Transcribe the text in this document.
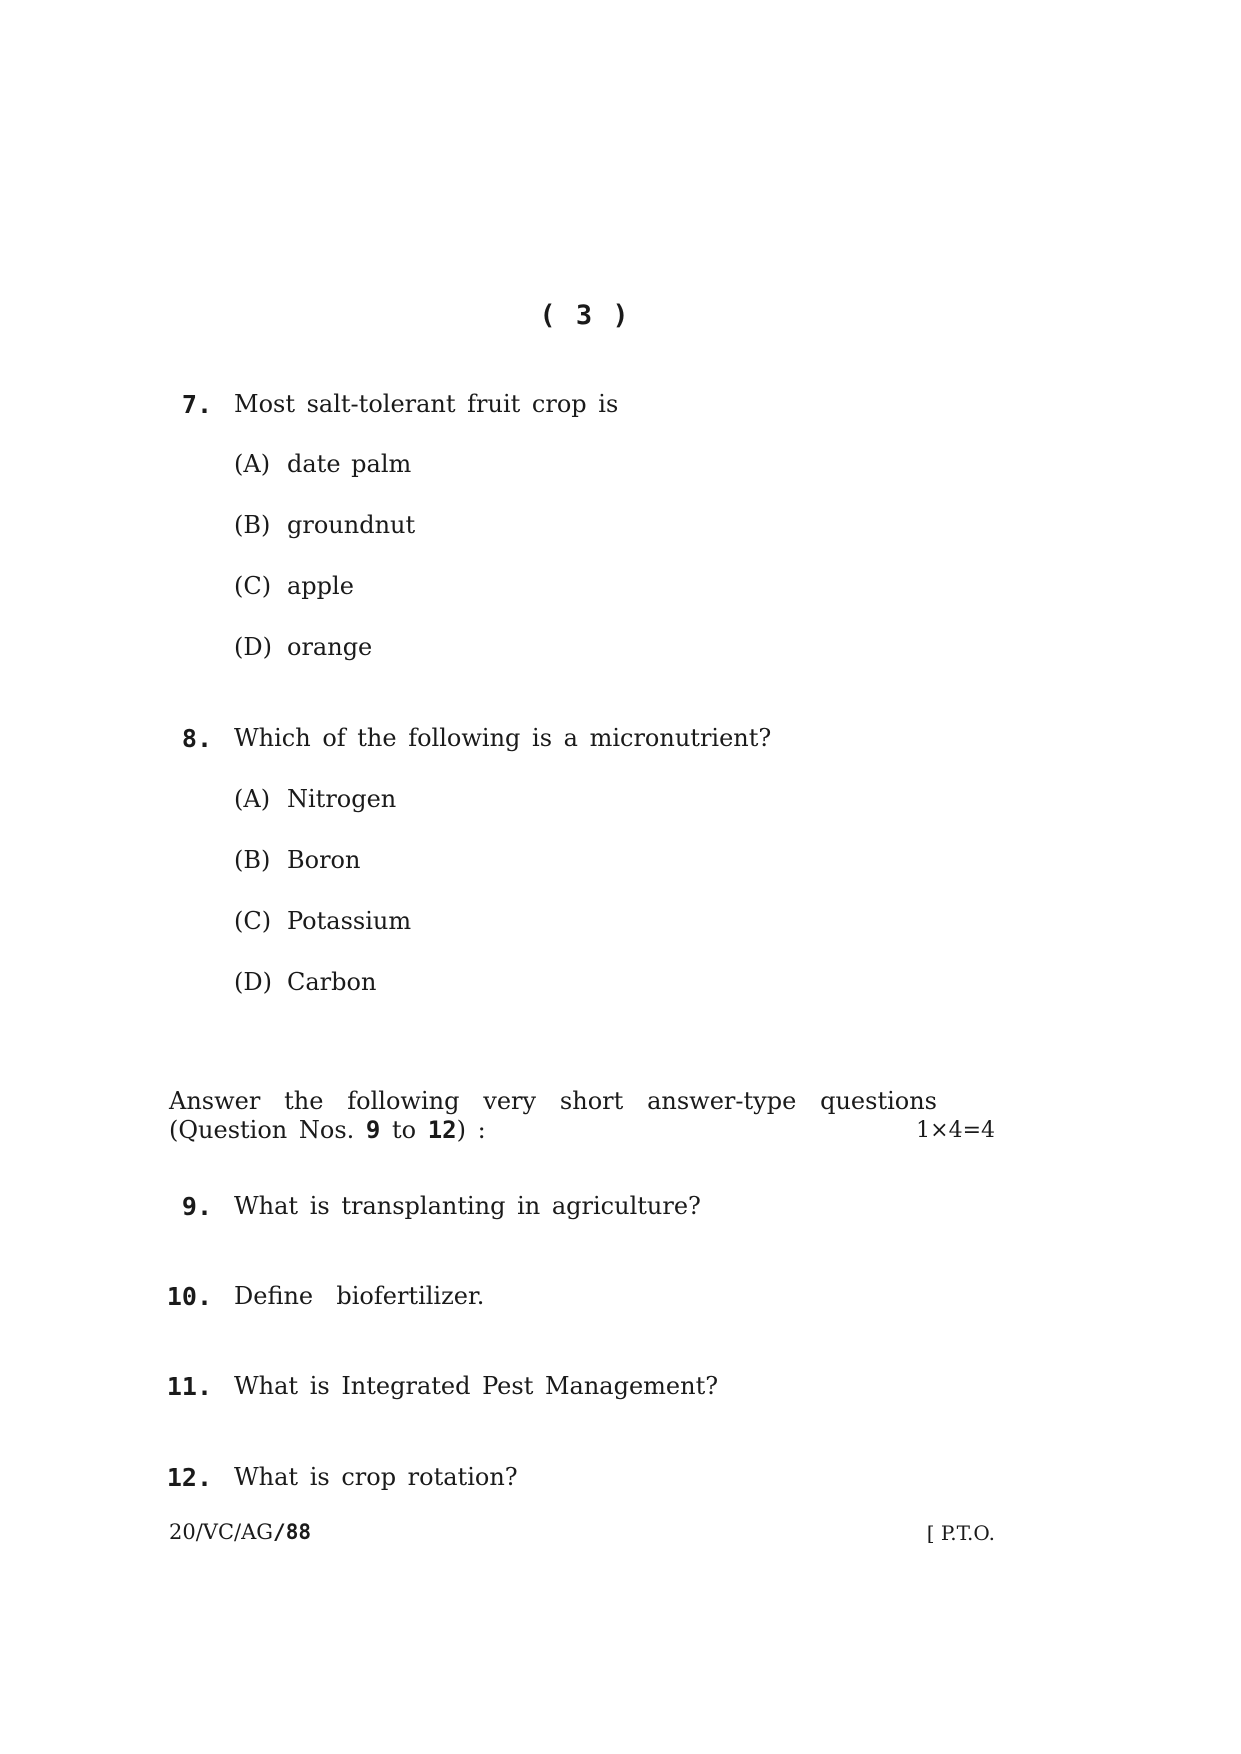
( 3 )
7. Most salt-tolerant fruit crop is
(A) date palm
(B) groundnut
(C) apple
(D) orange
8. Which of the following is a micronutrient?
(A) Nitrogen
(B) Boron
(C) Potassium
(D) Carbon
Answer the following very short answer-type questions
(Question Nos. 9 to 12) :	1×4=4
9. What is transplanting in agriculture?
10. Define  biofertilizer.
11. What is Integrated Pest Management?
12. What is crop rotation?
20/VC/AG/88	[ P.T.O.
